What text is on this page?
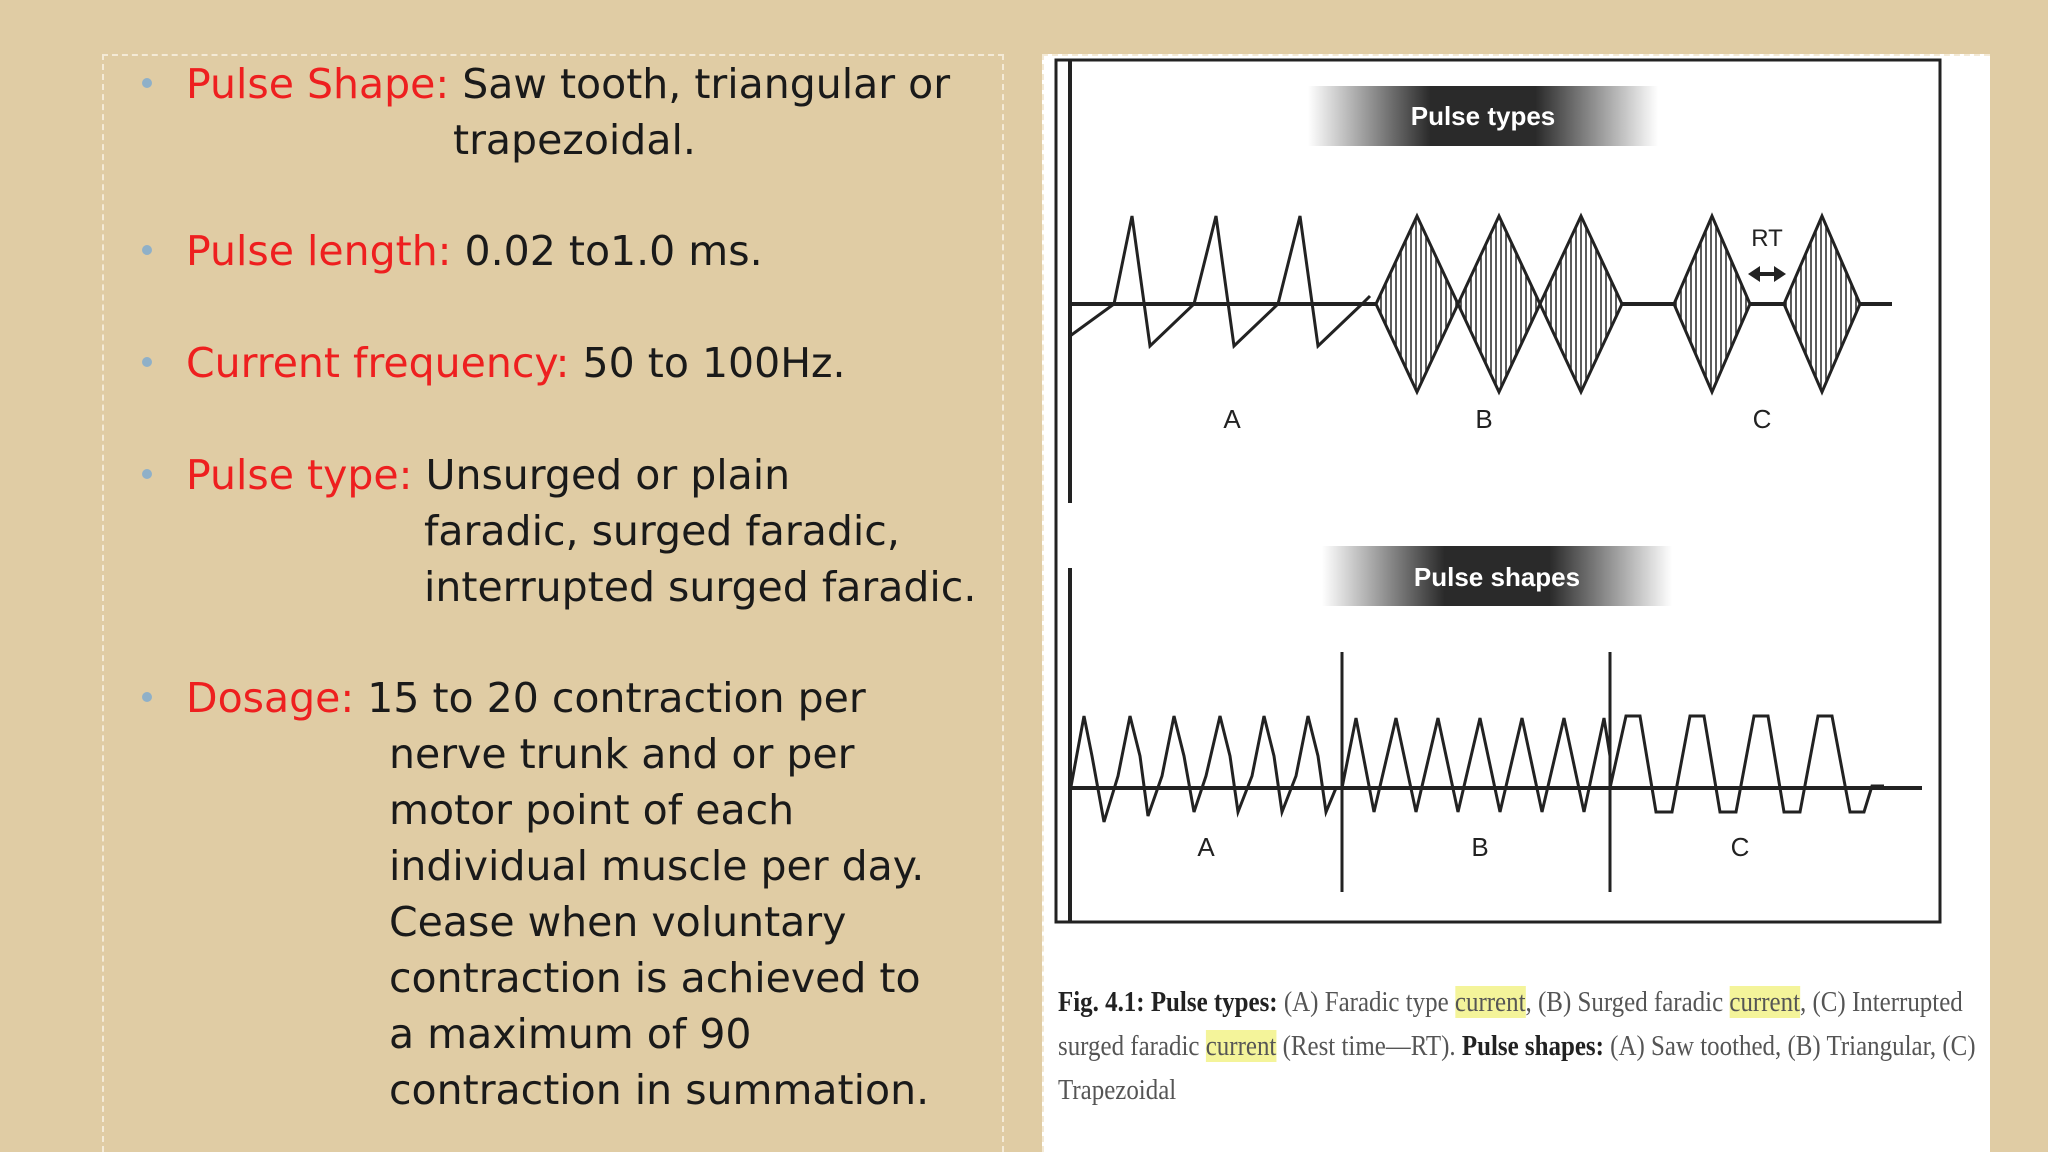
Pulse Shape: Saw tooth, triangular or
trapezoidal.
Pulse length: 0.02 to1.0 ms.
Current frequency: 50 to 100Hz.
Pulse type: Unsurged or plain
faradic, surged faradic,
interrupted surged faradic.
Dosage: 15 to 20 contraction per
nerve trunk and or per
motor point of each
individual muscle per day.
Cease when voluntary
contraction is achieved to
a maximum of 90
contraction in summation.
Pulse types
Pulse shapes
RT
A	B	C
A	B	C
Fig. 4.1: Pulse types: (A) Faradic type current, (B) Surged faradic current, (C) Interrupted surged faradic current (Rest time—RT). Pulse shapes: (A) Saw toothed, (B) Triangular, (C) Trapezoidal
